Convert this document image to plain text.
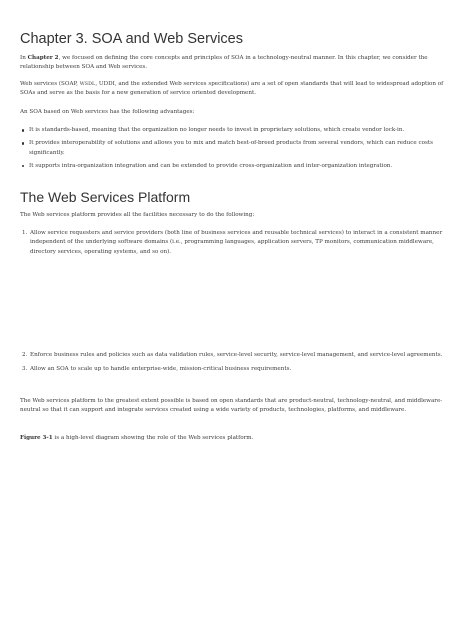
Chapter 3. SOA and Web Services

In Chapter 2, we focused on defining the core concepts and principles of SOA in a technology-neutral manner. In this chapter, we consider the relationship between SOA and Web services.

Web services (SOAP, WSDL, UDDI, and the extended Web services specifications) are a set of open standards that will lead to widespread adoption of SOAs and serve as the basis for a new generation of service oriented development.

An SOA based on Web services has the following advantages:

It is standards-based, meaning that the organization no longer needs to invest in proprietary solutions, which create vendor lock-in.
It provides interoperability of solutions and allows you to mix and match best-of-breed products from several vendors, which can reduce costs significantly.
It supports intra-organization integration and can be extended to provide cross-organization and inter-organization integration.
The Web Services Platform

The Web services platform provides all the facilities necessary to do the following:

1. Allow service requesters and service providers (both line of business services and reusable technical services) to interact in a consistent manner independent of the underlying software domains (i.e., programming languages, application servers, TP monitors, communication middleware, directory services, operating systems, and so on).
2. Enforce business rules and policies such as data validation rules, service-level security, service-level management, and service-level agreements.
3. Allow an SOA to scale up to handle enterprise-wide, mission-critical business requirements.

The Web services platform to the greatest extent possible is based on open standards that are product-neutral, technology-neutral, and middleware-neutral so that it can support and integrate services created using a wide variety of products, technologies, platforms, and middleware.

Figure 3-1 is a high-level diagram showing the role of the Web services platform.
